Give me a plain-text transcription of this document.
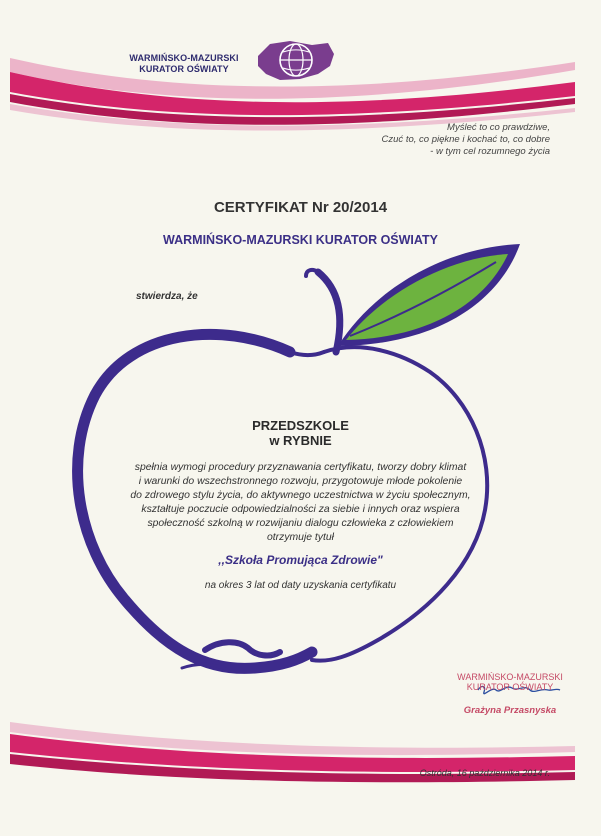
WARMIŃSKO-MAZURSKI
KURATOR OŚWIATY
Myśleć to co prawdziwe,
Czuć to, co piękne i kochać to, co dobre
- w tym cel rozumnego życia
CERTYFIKAT Nr 20/2014
WARMIŃSKO-MAZURSKI KURATOR OŚWIATY
stwierdza, że
PRZEDSZKOLE
w RYBNIE
spełnia wymogi procedury przyznawania certyfikatu, tworzy dobry klimat
i warunki do wszechstronnego rozwoju, przygotowuje młode pokolenie
do zdrowego stylu życia, do aktywnego uczestnictwa w życiu społecznym,
kształtuje poczucie odpowiedzialności za siebie i innych oraz wspiera
społeczność szkolną w rozwijaniu dialogu człowieka z człowiekiem
otrzymuje tytuł
,,Szkoła Promująca Zdrowie"
na okres 3 lat od daty uzyskania certyfikatu
WARMIŃSKO-MAZURSKI
KURATOR OŚWIATY
Grażyna Przasnyska
Ostróda, 16 października 2014 r.
